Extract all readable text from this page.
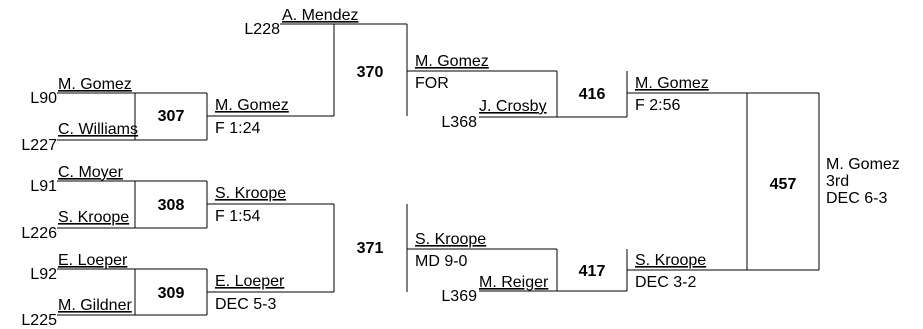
L90
M. Gomez
L227
C. Williams
307
M. Gomez
F 1:24
L91
C. Moyer
L226
S. Kroope
308
S. Kroope
F 1:54
L92
E. Loeper
L225
M. Gildner
309
E. Loeper
DEC 5-3
L228
A. Mendez
370
M. Gomez
FOR
371
S. Kroope
MD 9-0
L368
J. Crosby
416
M. Gomez
F 2:56
L369
M. Reiger
417
S. Kroope
DEC 3-2
457
M. Gomez
3rd
DEC 6-3
